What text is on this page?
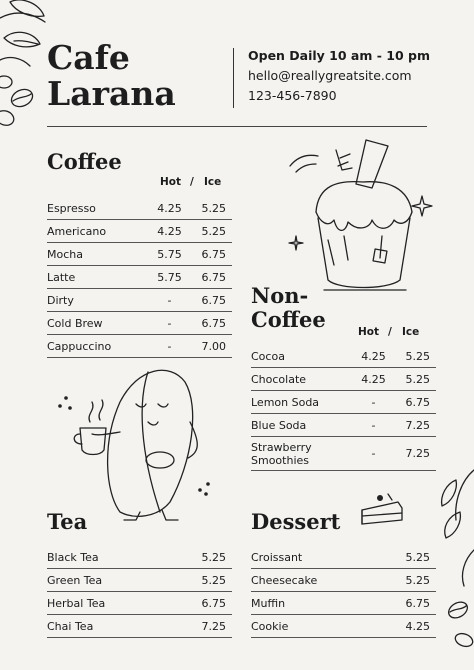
Cafe
Larana
Open Daily 10 am - 10 pm
hello@reallygreatsite.com
123-456-7890
Coffee
Hot / Ice
Espresso	4.25	5.25
Americano	4.25	5.25
Mocha	5.75	6.75
Latte	5.75	6.75
Dirty	-	6.75
Cold Brew	-	6.75
Cappuccino	-	7.00
Non-
Coffee	Hot / Ice
Cocoa	4.25	5.25
Chocolate	4.25	5.25
Lemon Soda	-	6.75
Blue Soda	-	7.25
Strawberry
Smoothies	-	7.25
Tea
Black Tea	5.25
Green Tea	5.25
Herbal Tea	6.75
Chai Tea	7.25
Dessert
Croissant	5.25
Cheesecake	5.25
Muffin	6.75
Cookie	4.25
